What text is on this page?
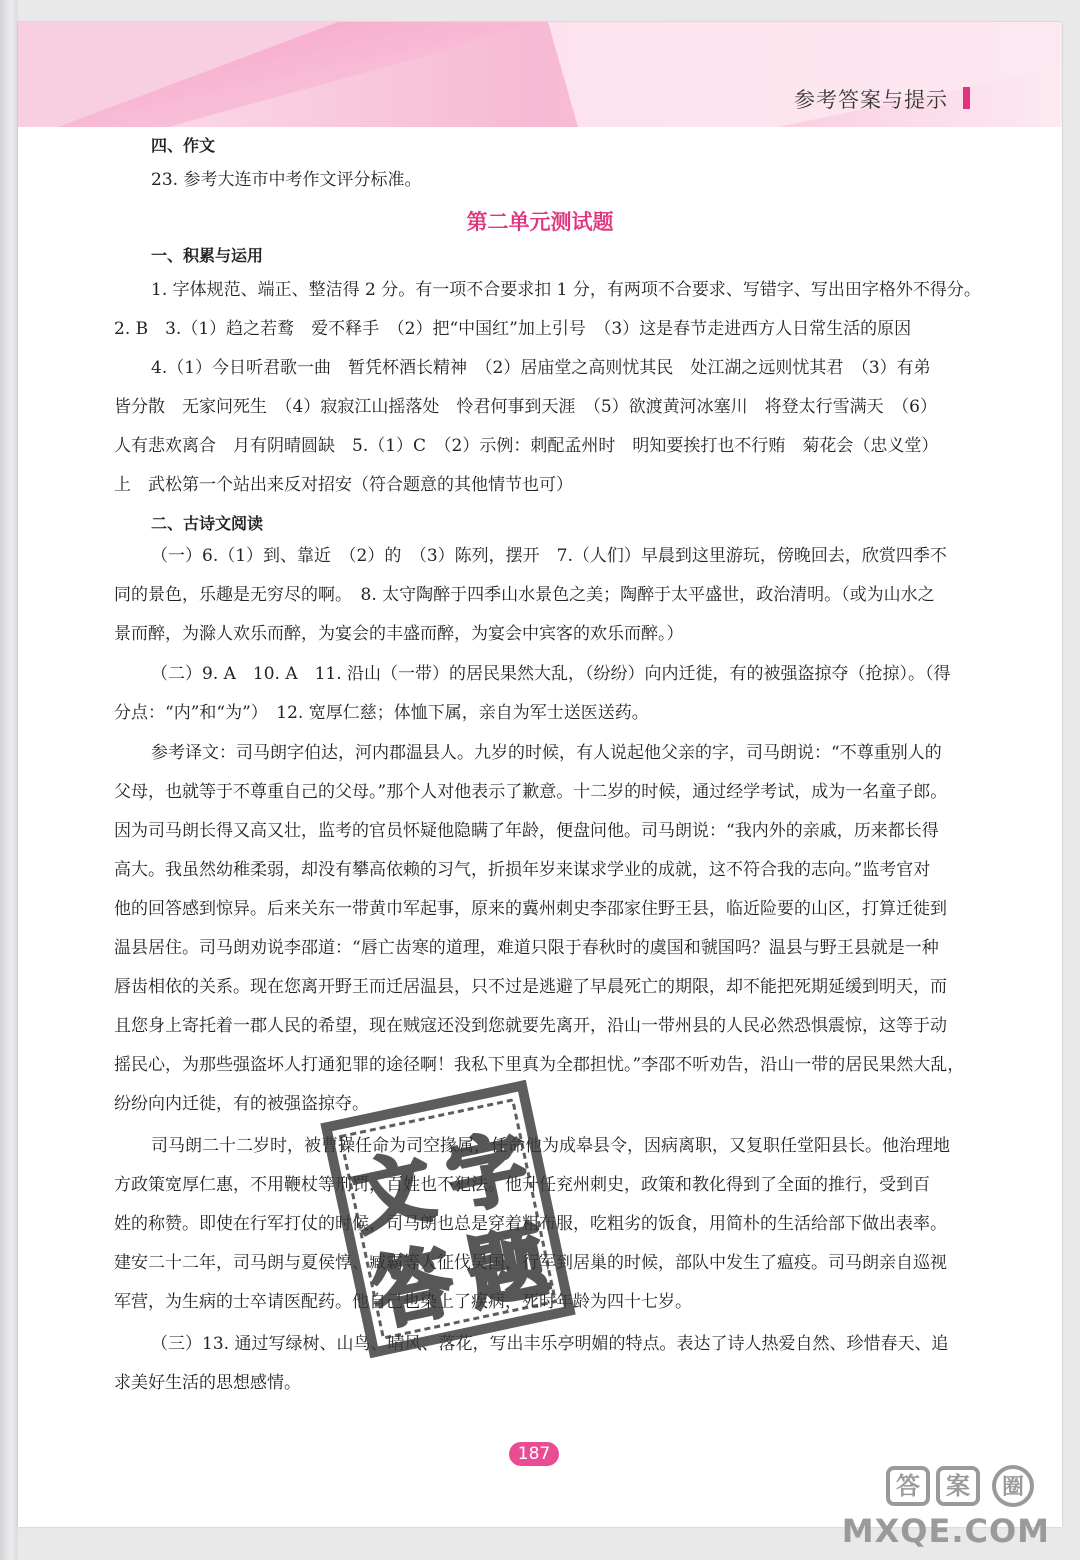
参考答案与提示
四、作文
23. 参考大连市中考作文评分标准。
第二单元测试题
一、积累与运用
1. 字体规范、端正、整洁得 2 分。有一项不合要求扣 1 分，有两项不合要求、写错字、写出田字格外不得分。
2. B　3.（1）趋之若鹜　爱不释手　（2）把“中国红”加上引号　（3）这是春节走进西方人日常生活的原因
4.（1）今日听君歌一曲　暂凭杯酒长精神　（2）居庙堂之高则忧其民　处江湖之远则忧其君　（3）有弟
皆分散　无家问死生　（4）寂寂江山摇落处　怜君何事到天涯　（5）欲渡黄河冰塞川　将登太行雪满天　（6）
人有悲欢离合　月有阴晴圆缺　5.（1）C　（2）示例：刺配孟州时　明知要挨打也不行贿　菊花会（忠义堂）
上　武松第一个站出来反对招安（符合题意的其他情节也可）
二、古诗文阅读
（一）6.（1）到、靠近　（2）的　（3）陈列，摆开　7.（人们）早晨到这里游玩，傍晚回去，欣赏四季不
同的景色，乐趣是无穷尽的啊。　8. 太守陶醉于四季山水景色之美；陶醉于太平盛世，政治清明。（或为山水之
景而醉，为滁人欢乐而醉，为宴会的丰盛而醉，为宴会中宾客的欢乐而醉。）
（二）9. A　10. A　11. 沿山（一带）的居民果然大乱，（纷纷）向内迁徙，有的被强盗掠夺（抢掠）。（得
分点：“内”和“为”）　12. 宽厚仁慈；体恤下属，亲自为军士送医送药。
参考译文：司马朗字伯达，河内郡温县人。九岁的时候，有人说起他父亲的字，司马朗说：“不尊重别人的
父母，也就等于不尊重自己的父母。”那个人对他表示了歉意。十二岁的时候，通过经学考试，成为一名童子郎。
因为司马朗长得又高又壮，监考的官员怀疑他隐瞒了年龄，便盘问他。司马朗说：“我内外的亲戚，历来都长得
高大。我虽然幼稚柔弱，却没有攀高依赖的习气，折损年岁来谋求学业的成就，这不符合我的志向。”监考官对
他的回答感到惊异。后来关东一带黄巾军起事，原来的冀州刺史李邵家住野王县，临近险要的山区，打算迁徙到
温县居住。司马朗劝说李邵道：“唇亡齿寒的道理，难道只限于春秋时的虞国和虢国吗？温县与野王县就是一种
唇齿相依的关系。现在您离开野王而迁居温县，只不过是逃避了早晨死亡的期限，却不能把死期延缓到明天，而
且您身上寄托着一郡人民的希望，现在贼寇还没到您就要先离开，沿山一带州县的人民必然恐惧震惊，这等于动
摇民心，为那些强盗坏人打通犯罪的途径啊！我私下里真为全郡担忧。”李邵不听劝告，沿山一带的居民果然大乱，
纷纷向内迁徙，有的被强盗掠夺。
司马朗二十二岁时，被曹操任命为司空掾属，任命他为成皋县令，因病离职，又复职任堂阳县长。他治理地
方政策宽厚仁惠，不用鞭杖等刑罚，百姓也不犯法。他升任兖州刺史，政策和教化得到了全面的推行，受到百
姓的称赞。即使在行军打仗的时候，司马朗也总是穿着粗布服，吃粗劣的饭食，用简朴的生活给部下做出表率。
建安二十二年，司马朗与夏侯惇、臧霸等人征伐吴国，行军到居巢的时候，部队中发生了瘟疫。司马朗亲自巡视
军营，为生病的士卒请医配药。他自己也染上了疾病，死时年龄为四十七岁。
（三）13. 通过写绿树、山鸟、晴风、落花，写出丰乐亭明媚的特点。表达了诗人热爱自然、珍惜春天、追
求美好生活的思想感情。
文
字
答
题
187
答 案 圈
MXQE.COM
